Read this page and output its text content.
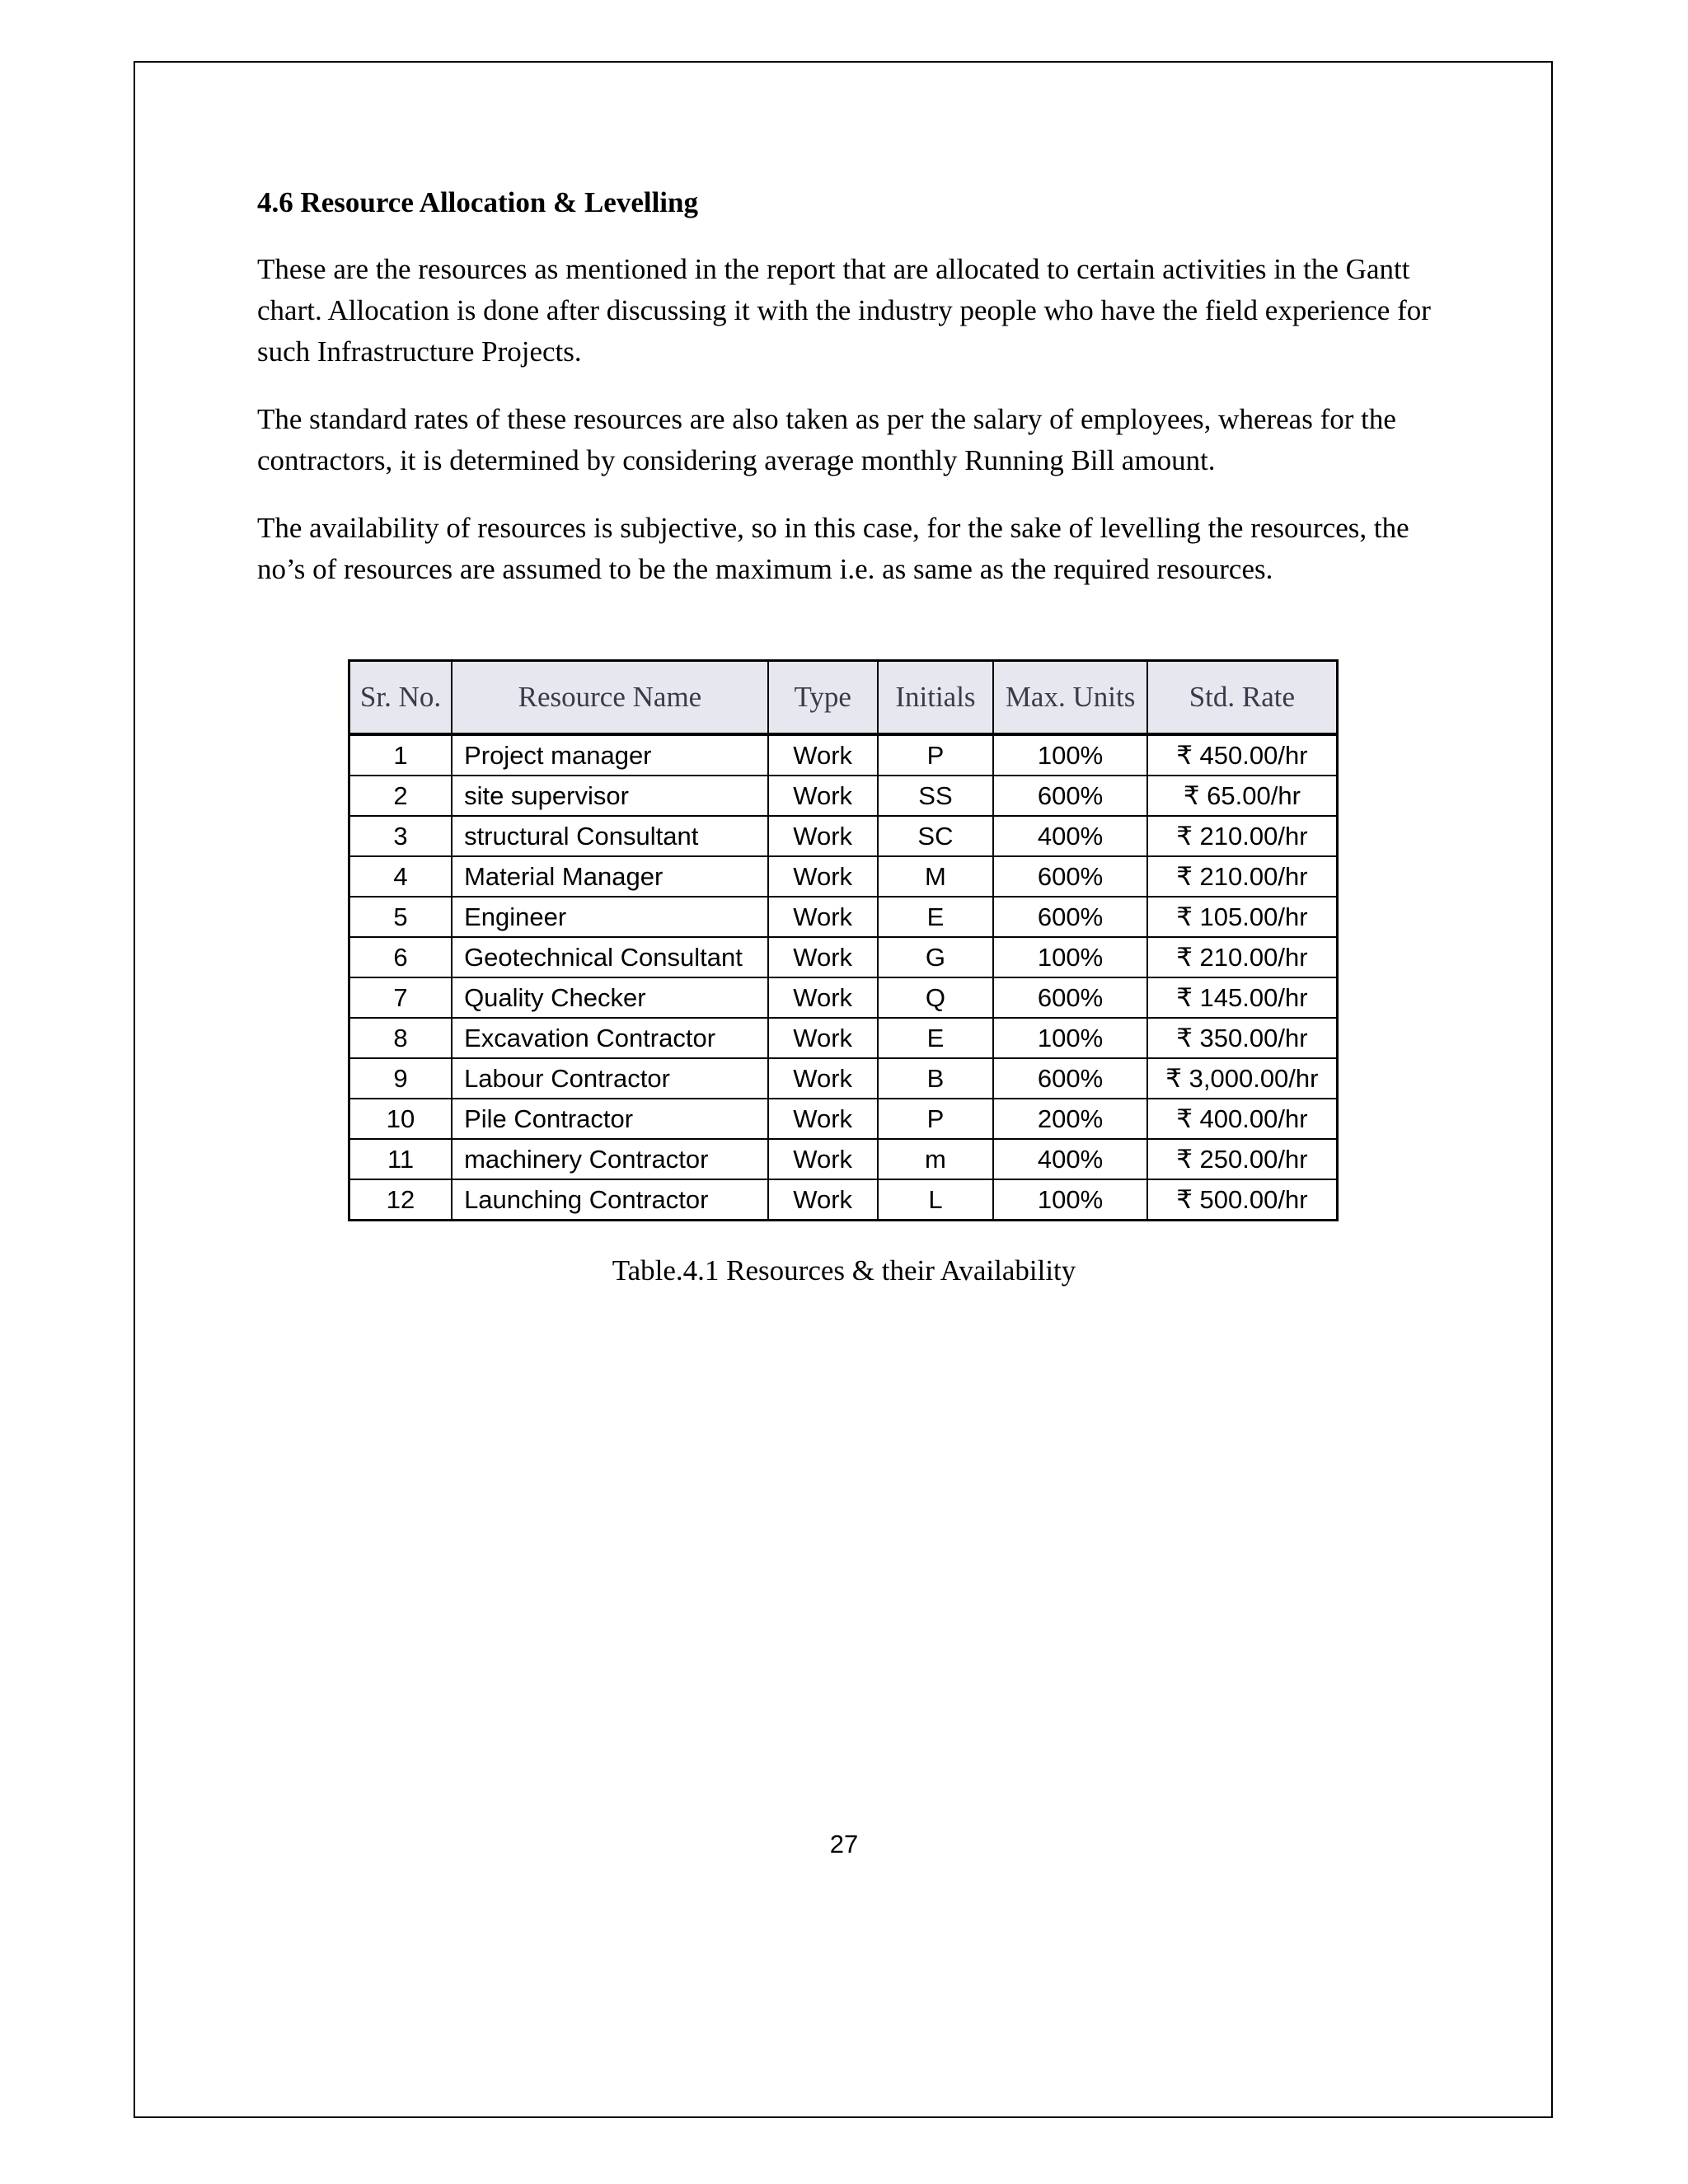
4.6 Resource Allocation & Levelling

These are the resources as mentioned in the report that are allocated to certain activities in the Gantt chart. Allocation is done after discussing it with the industry people who have the field experience for such Infrastructure Projects.

The standard rates of these resources are also taken as per the salary of employees, whereas for the contractors, it is determined by considering average monthly Running Bill amount.

The availability of resources is subjective, so in this case, for the sake of levelling the resources, the no’s of resources are assumed to be the maximum i.e. as same as the required resources.

Sr. No.	Resource Name	Type	Initials	Max. Units	Std. Rate
1	Project manager	Work	P	100%	₹ 450.00/hr
2	site supervisor	Work	SS	600%	₹ 65.00/hr
3	structural Consultant	Work	SC	400%	₹ 210.00/hr
4	Material Manager	Work	M	600%	₹ 210.00/hr
5	Engineer	Work	E	600%	₹ 105.00/hr
6	Geotechnical Consultant	Work	G	100%	₹ 210.00/hr
7	Quality Checker	Work	Q	600%	₹ 145.00/hr
8	Excavation Contractor	Work	E	100%	₹ 350.00/hr
9	Labour Contractor	Work	B	600%	₹ 3,000.00/hr
10	Pile Contractor	Work	P	200%	₹ 400.00/hr
11	machinery Contractor	Work	m	400%	₹ 250.00/hr
12	Launching Contractor	Work	L	100%	₹ 500.00/hr
Table.4.1 Resources & their Availability
27
